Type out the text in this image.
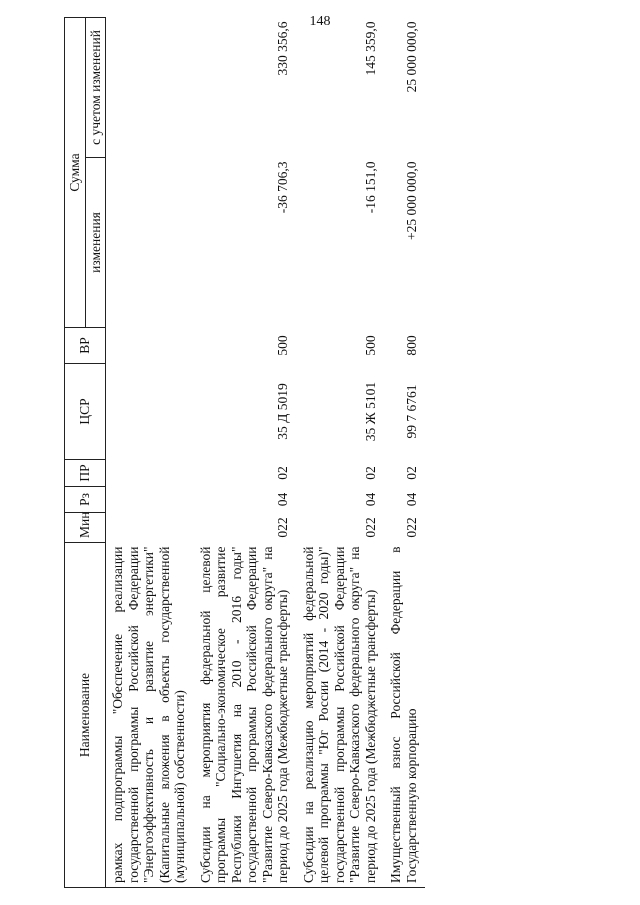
148
Наименование	Мин	Рз	ПР	ЦСР	ВР	Сумма	
						изменения	с учетом изменений
рамках подпрограммы "Обеспечение реализации государственной программы Российской Федерации "Энергоэффективность и развитие энергетики" (Капитальные вложения в объекты государственной (муниципальной) собственности)							
Субсидии на мероприятия федеральной целевой программы "Социально-экономическое развитие Республики Ингушетия на 2010 - 2016 годы" государственной программы Российской Федерации "Развитие Северо-Кавказского федерального округа" на период до 2025 года (Межбюджетные трансферты)	022	04	02	35 Д 5019	500	-36 706,3	330 356,6
Субсидии на реализацию мероприятий федеральной целевой программы "Юг России (2014 - 2020 годы)" государственной программы Российской Федерации "Развитие Северо-Кавказского федерального округа" на период до 2025 года (Межбюджетные трансферты)	022	04	02	35 Ж 5101	500	-16 151,0	145 359,0
Имущественный взнос Российской Федерации в Государственную корпорацию	022	04	02	99 7 6761	800	+25 000 000,0	25 000 000,0
